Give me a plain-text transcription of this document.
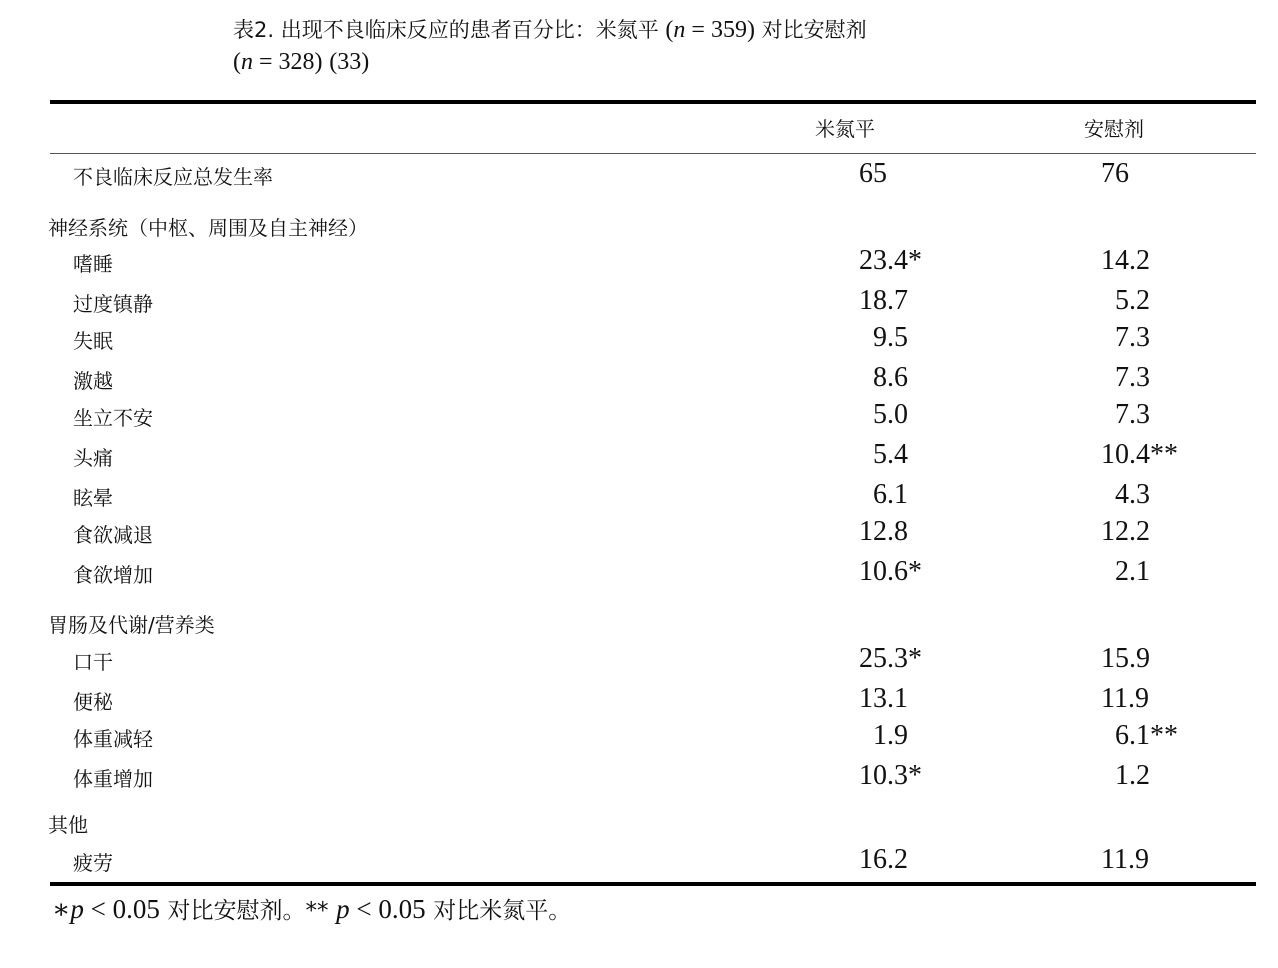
表2. 出现不良临床反应的患者百分比：米氮平 (n = 359) 对比安慰剂
(n = 328) (33)
米氮平	安慰剂
不良临床反应总发生率	65	76
神经系统（中枢、周围及自主神经）
嗜睡	23.4*	14.2
过度镇静	18.7	5.2
失眠	9.5	7.3
激越	8.6	7.3
坐立不安	5.0	7.3
头痛	5.4	10.4**
眩晕	6.1	4.3
食欲减退	12.8	12.2
食欲增加	10.6*	2.1
胃肠及代谢/营养类
口干	25.3*	15.9
便秘	13.1	11.9
体重减轻	1.9	6.1**
体重增加	10.3*	1.2
其他
疲劳	16.2	11.9
∗p < 0.05 对比安慰剂。** p < 0.05 对比米氮平。
